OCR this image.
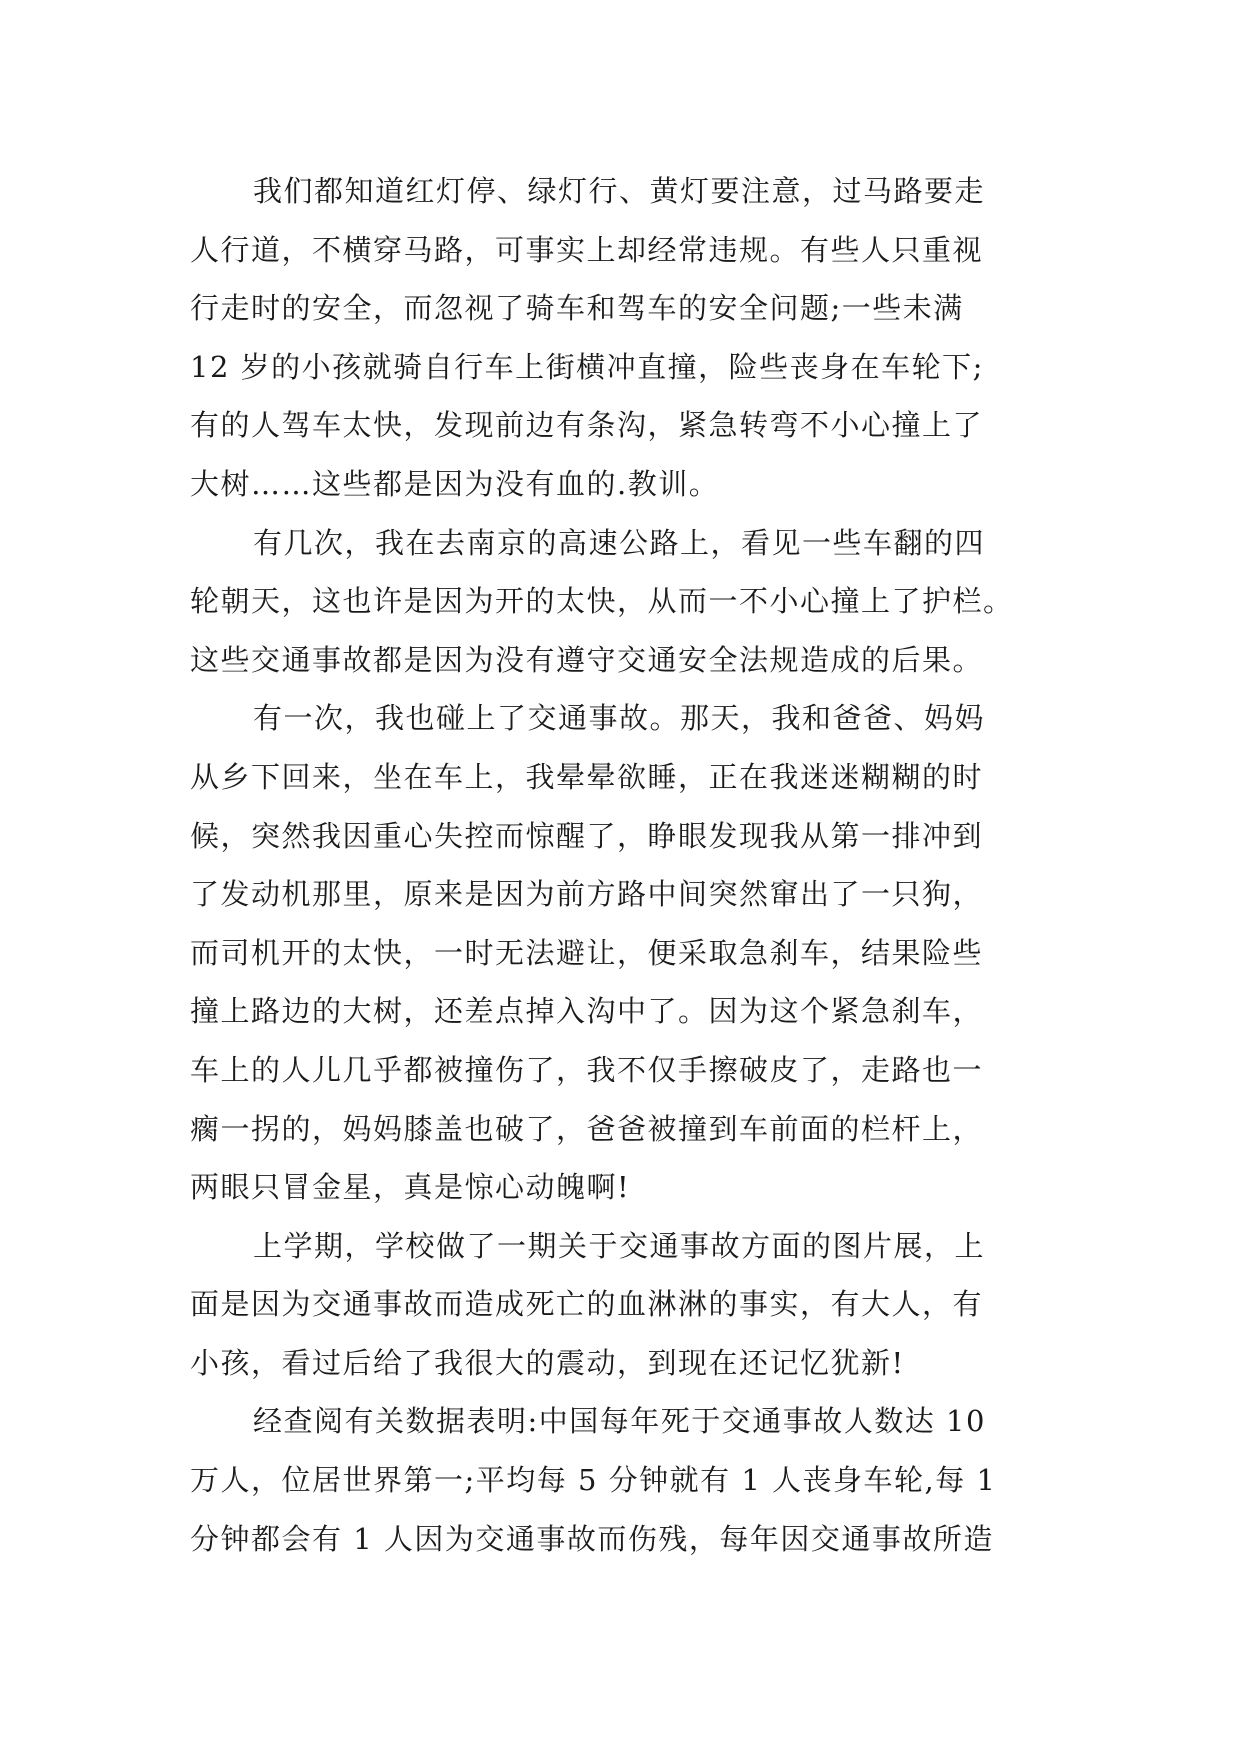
我们都知道红灯停、绿灯行、黄灯要注意，过马路要走
人行道，不横穿马路，可事实上却经常违规。有些人只重视
行走时的安全，而忽视了骑车和驾车的安全问题;一些未满
12 岁的小孩就骑自行车上街横冲直撞，险些丧身在车轮下;
有的人驾车太快，发现前边有条沟，紧急转弯不小心撞上了
大树……这些都是因为没有血的.教训。
有几次，我在去南京的高速公路上，看见一些车翻的四
轮朝天，这也许是因为开的太快，从而一不小心撞上了护栏。
这些交通事故都是因为没有遵守交通安全法规造成的后果。
有一次，我也碰上了交通事故。那天，我和爸爸、妈妈
从乡下回来，坐在车上，我晕晕欲睡，正在我迷迷糊糊的时
候，突然我因重心失控而惊醒了，睁眼发现我从第一排冲到
了发动机那里，原来是因为前方路中间突然窜出了一只狗，
而司机开的太快，一时无法避让，便采取急刹车，结果险些
撞上路边的大树，还差点掉入沟中了。因为这个紧急刹车，
车上的人儿几乎都被撞伤了，我不仅手擦破皮了，走路也一
瘸一拐的，妈妈膝盖也破了，爸爸被撞到车前面的栏杆上，
两眼只冒金星，真是惊心动魄啊!
上学期，学校做了一期关于交通事故方面的图片展，上
面是因为交通事故而造成死亡的血淋淋的事实，有大人，有
小孩，看过后给了我很大的震动，到现在还记忆犹新!
经查阅有关数据表明:中国每年死于交通事故人数达 10
万人，位居世界第一;平均每 5 分钟就有 1 人丧身车轮,每 1
分钟都会有 1 人因为交通事故而伤残，每年因交通事故所造
